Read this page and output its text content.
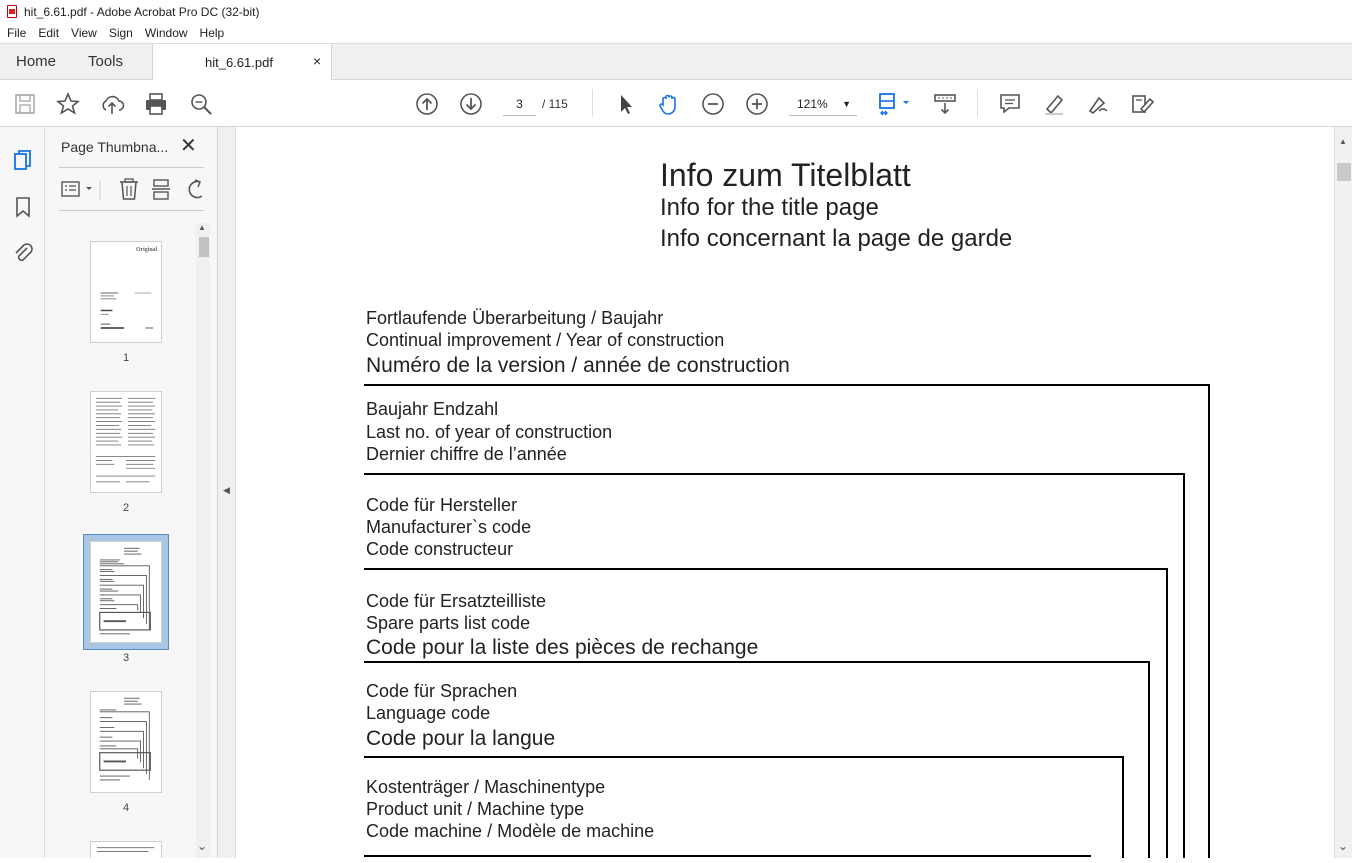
hit_6.61.pdf - Adobe Acrobat Pro DC (32-bit)
File Edit View Sign Window Help
Home Tools	hit_6.61.pdf	×
3	/ 115	121% ▼
Page Thumbna... ✕
Original
1
2
3
4
▲
⌄
◀
Info zum Titelblatt
Info for the title page
Info concernant la page de garde
Fortlaufende Überarbeitung / Baujahr
Continual improvement / Year of construction
Numéro de la version / année de construction
Baujahr Endzahl
Last no. of year of construction
Dernier chiffre de l’année
Code für Hersteller
Manufacturer`s code
Code constructeur
Code für Ersatzteilliste
Spare parts list code
Code pour la liste des pièces de rechange
Code für Sprachen
Language code
Code pour la langue
Kostenträger / Maschinentype
Product unit / Machine type
Code machine / Modèle de machine
▲
⌄
